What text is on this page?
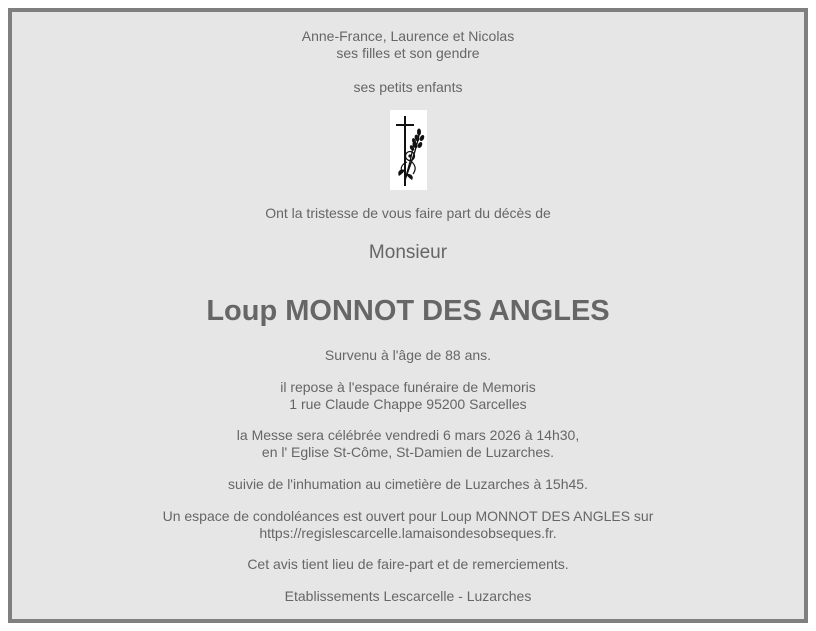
Anne-France, Laurence et Nicolas
ses filles et son gendre
ses petits enfants
Ont la tristesse de vous faire part du décès de
Monsieur
Loup MONNOT DES ANGLES
Survenu à l'âge de 88 ans.
il repose à l'espace funéraire de Memoris
1 rue Claude Chappe 95200 Sarcelles
la Messe sera célébrée vendredi 6 mars 2026 à 14h30,
en l' Eglise St-Côme, St-Damien de Luzarches.
suivie de l'inhumation au cimetière de Luzarches à 15h45.
Un espace de condoléances est ouvert pour Loup MONNOT DES ANGLES sur
https://regislescarcelle.lamaisondesobseques.fr.
Cet avis tient lieu de faire-part et de remerciements.
Etablissements Lescarcelle - Luzarches
